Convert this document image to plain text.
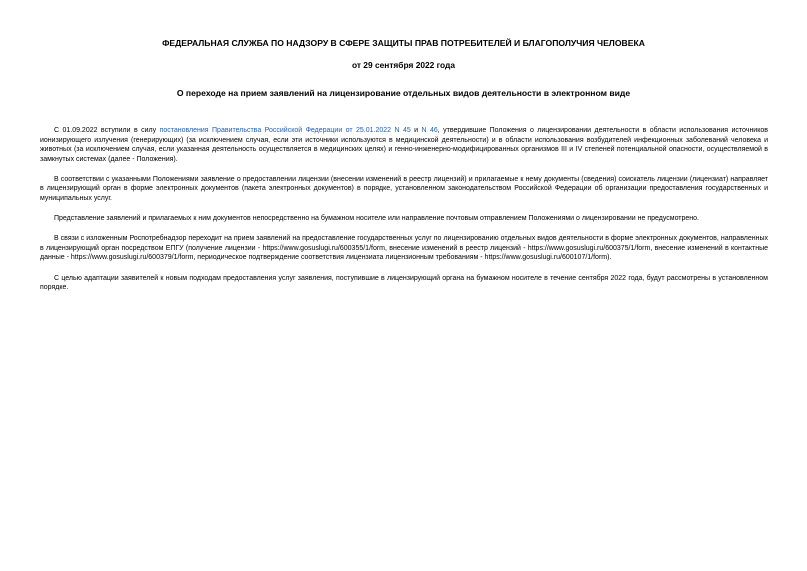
ФЕДЕРАЛЬНАЯ СЛУЖБА ПО НАДЗОРУ В СФЕРЕ ЗАЩИТЫ ПРАВ ПОТРЕБИТЕЛЕЙ И БЛАГОПОЛУЧИЯ ЧЕЛОВЕКА
от 29 сентября 2022 года
О переходе на прием заявлений на лицензирование отдельных видов деятельности в электронном виде

С 01.09.2022 вступили в силу постановления Правительства Российской Федерации от 25.01.2022 N 45 и N 46, утвердившие Положения о лицензировании деятельности в области использования источников ионизирующего излучения (генерирующих) (за исключением случая, если эти источники используются в медицинской деятельности) и в области использования возбудителей инфекционных заболеваний человека и животных (за исключением случая, если указанная деятельность осуществляется в медицинских целях) и генно-инженерно-модифицированных организмов III и IV степеней потенциальной опасности, осуществляемой в замкнутых системах (далее - Положения).

В соответствии с указанными Положениями заявление о предоставлении лицензии (внесении изменений в реестр лицензий) и прилагаемые к нему документы (сведения) соискатель лицензии (лицензиат) направляет в лицензирующий орган в форме электронных документов (пакета электронных документов) в порядке, установленном законодательством Российской Федерации об организации предоставления государственных и муниципальных услуг.

Представление заявлений и прилагаемых к ним документов непосредственно на бумажном носителе или направление почтовым отправлением Положениями о лицензировании не предусмотрено.

В связи с изложенным Роспотребнадзор переходит на прием заявлений на предоставление государственных услуг по лицензированию отдельных видов деятельности в форме электронных документов, направленных в лицензирующий орган посредством ЕПГУ (получение лицензии - https://www.gosuslugi.ru/600355/1/form, внесение изменений в реестр лицензий - https://www.gosuslugi.ru/600375/1/form, внесение изменений в контактные данные - https://www.gosuslugi.ru/600379/1/form, периодическое подтверждение соответствия лицензиата лицензионным требованиям - https://www.gosuslugi.ru/600107/1/form).

С целью адаптации заявителей к новым подходам предоставления услуг заявления, поступившие в лицензирующий органа на бумажном носителе в течение сентября 2022 года, будут рассмотрены в установленном порядке.
